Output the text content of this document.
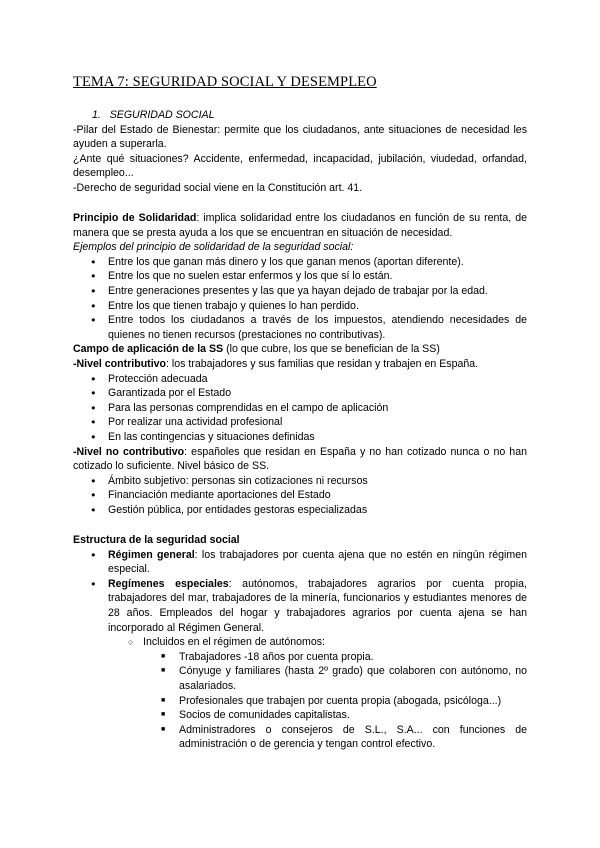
TEMA 7: SEGURIDAD SOCIAL Y DESEMPLEO

1. SEGURIDAD SOCIAL

-Pilar del Estado de Bienestar: permite que los ciudadanos, ante situaciones de necesidad les ayuden a superarla.

¿Ante qué situaciones? Accidente, enfermedad, incapacidad, jubilación, viudedad, orfandad, desempleo...

-Derecho de seguridad social viene en la Constitución art. 41.

Principio de Solidaridad: implica solidaridad entre los ciudadanos en función de su renta, de manera que se presta ayuda a los que se encuentran en situación de necesidad.

Ejemplos del principio de solidaridad de la seguridad social:

● Entre los que ganan más dinero y los que ganan menos (aportan diferente).
● Entre los que no suelen estar enfermos y los que sí lo están.
● Entre generaciones presentes y las que ya hayan dejado de trabajar por la edad.
● Entre los que tienen trabajo y quienes lo han perdido.
● Entre todos los ciudadanos a través de los impuestos, atendiendo necesidades de quienes no tienen recursos (prestaciones no contributivas).

Campo de aplicación de la SS (lo que cubre, los que se benefician de la SS)

-Nivel contributivo: los trabajadores y sus familias que residan y trabajen en España.

● Protección adecuada
● Garantizada por el Estado
● Para las personas comprendidas en el campo de aplicación
● Por realizar una actividad profesional
● En las contingencias y situaciones definidas

-Nivel no contributivo: españoles que residan en España y no han cotizado nunca o no han cotizado lo suficiente. Nivel básico de SS.

● Ámbito subjetivo: personas sin cotizaciones ni recursos
● Financiación mediante aportaciones del Estado
● Gestión pública, por entidades gestoras especializadas

Estructura de la seguridad social

● Régimen general: los trabajadores por cuenta ajena que no estén en ningún régimen especial.
● Regímenes especiales: autónomos, trabajadores agrarios por cuenta propia, trabajadores del mar, trabajadores de la minería, funcionarios y estudiantes menores de 28 años. Empleados del hogar y trabajadores agrarios por cuenta ajena se han incorporado al Régimen General.
○ Incluidos en el régimen de autónomos:
■ Trabajadores -18 años por cuenta propia.
■ Cónyuge y familiares (hasta 2º grado) que colaboren con autónomo, no asalariados.
■ Profesionales que trabajen por cuenta propia (abogada, psicóloga...)
■ Socios de comunidades capitalistas.
■ Administradores o consejeros de S.L., S.A... con funciones de administración o de gerencia y tengan control efectivo.
